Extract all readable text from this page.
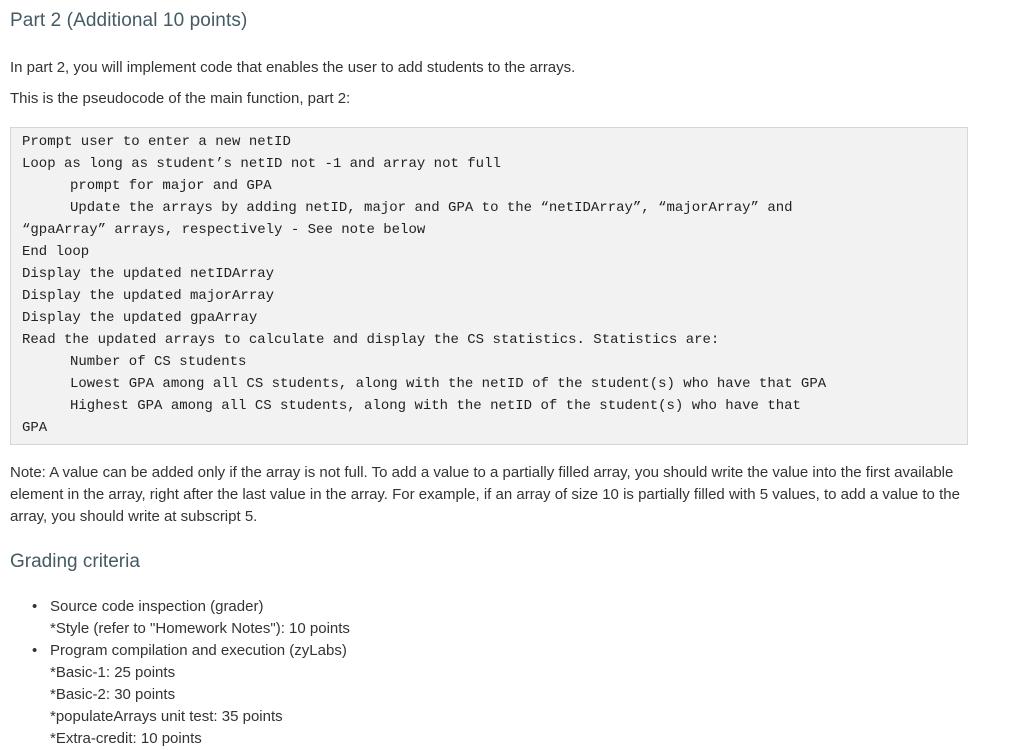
Part 2 (Additional 10 points)

In part 2, you will implement code that enables the user to add students to the arrays.

This is the pseudocode of the main function, part 2:

Prompt user to enter a new netID
Loop as long as student’s netID not -1 and array not full
prompt for major and GPA
Update the arrays by adding netID, major and GPA to the “netIDArray”, “majorArray” and
“gpaArray” arrays, respectively - See note below
End loop
Display the updated netIDArray
Display the updated majorArray
Display the updated gpaArray
Read the updated arrays to calculate and display the CS statistics. Statistics are:
Number of CS students
Lowest GPA among all CS students, along with the netID of the student(s) who have that GPA
Highest GPA among all CS students, along with the netID of the student(s) who have that
GPA

Note: A value can be added only if the array is not full. To add a value to a partially filled array, you should write the value into the first available element in the array, right after the last value in the array. For example, if an array of size 10 is partially filled with 5 values, to add a value to the array, you should write at subscript 5.

Grading criteria
• Source code inspection (grader)
*Style (refer to "Homework Notes"): 10 points
• Program compilation and execution (zyLabs)
*Basic-1: 25 points
*Basic-2: 30 points
*populateArrays unit test: 35 points
*Extra-credit: 10 points
